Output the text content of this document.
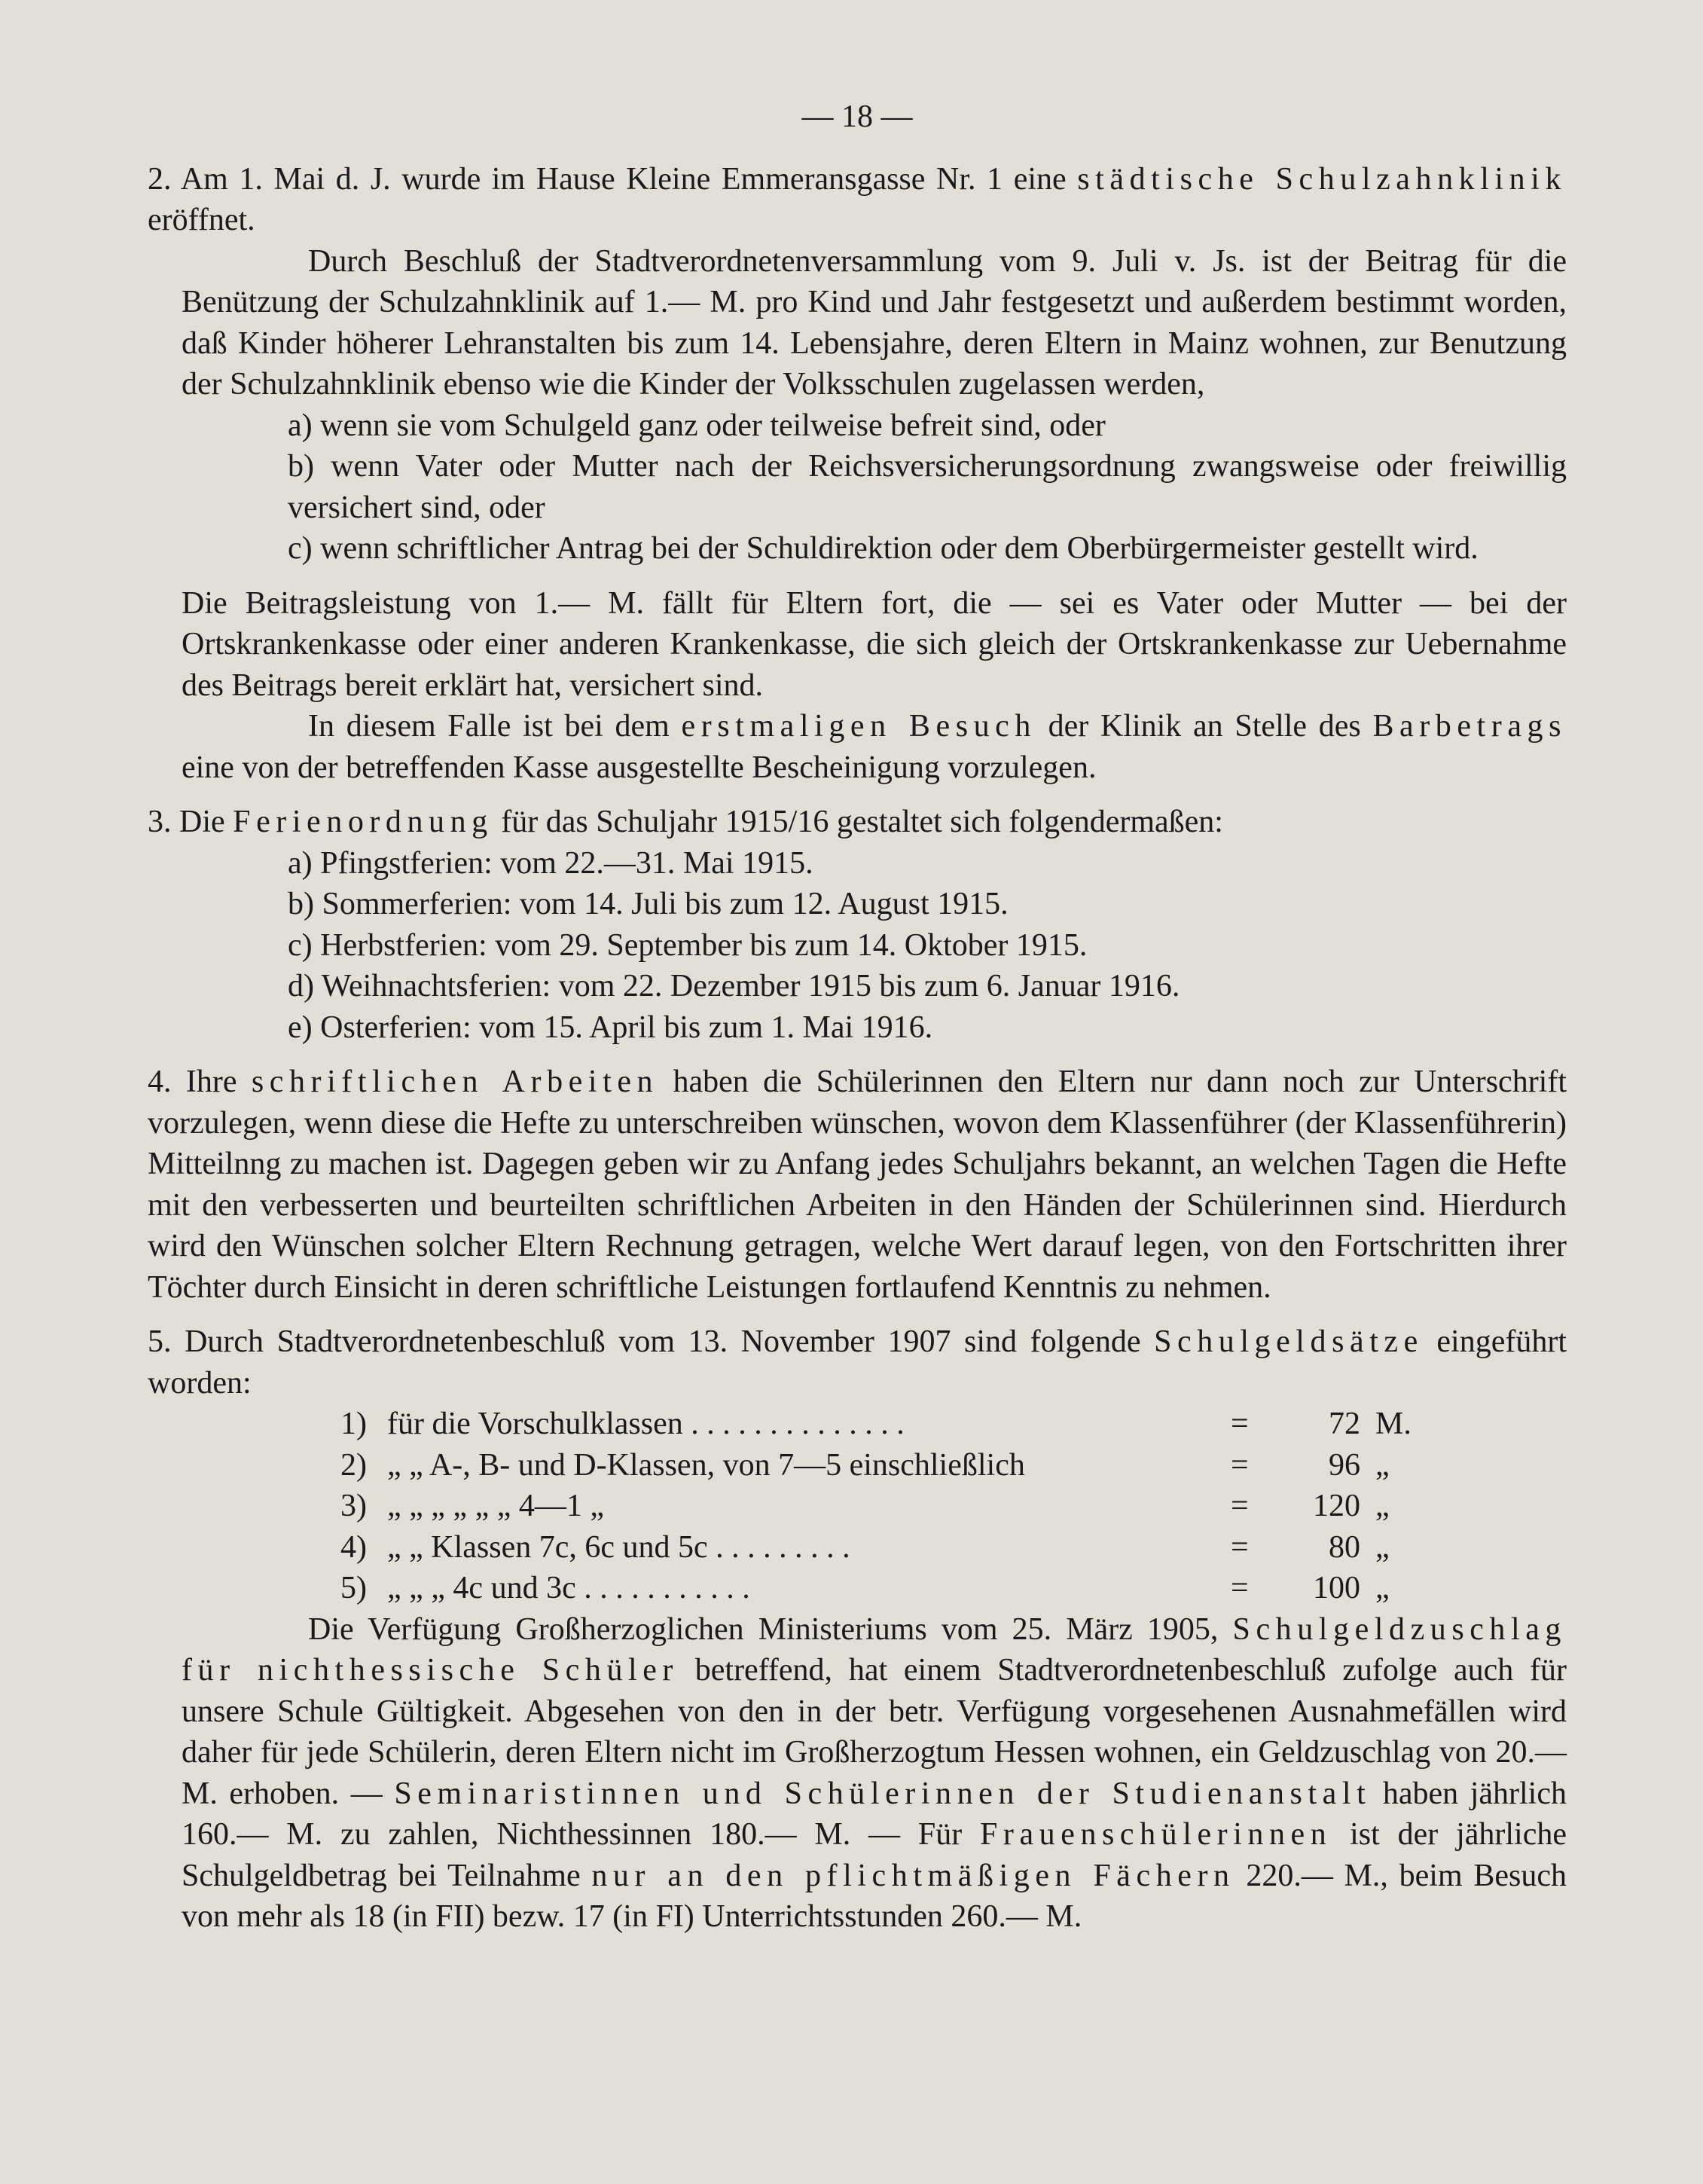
— 18 —

2. Am 1. Mai d. J. wurde im Hause Kleine Emmeransgasse Nr. 1 eine städtische Schulzahnklinik eröffnet.

Durch Beschluß der Stadtverordnetenversammlung vom 9. Juli v. Js. ist der Beitrag für die Benützung der Schulzahnklinik auf 1.— M. pro Kind und Jahr festgesetzt und außerdem bestimmt worden, daß Kinder höherer Lehranstalten bis zum 14. Lebensjahre, deren Eltern in Mainz wohnen, zur Benutzung der Schulzahnklinik ebenso wie die Kinder der Volksschulen zugelassen werden,

a) wenn sie vom Schulgeld ganz oder teilweise befreit sind, oder

b) wenn Vater oder Mutter nach der Reichsversicherungsordnung zwangsweise oder freiwillig versichert sind, oder

c) wenn schriftlicher Antrag bei der Schuldirektion oder dem Oberbürgermeister gestellt wird.

Die Beitragsleistung von 1.— M. fällt für Eltern fort, die — sei es Vater oder Mutter — bei der Ortskrankenkasse oder einer anderen Krankenkasse, die sich gleich der Ortskrankenkasse zur Uebernahme des Beitrags bereit erklärt hat, versichert sind.

In diesem Falle ist bei dem erstmaligen Besuch der Klinik an Stelle des Barbetrags eine von der betreffenden Kasse ausgestellte Bescheinigung vorzulegen.

3. Die Ferienordnung für das Schuljahr 1915/16 gestaltet sich folgendermaßen:

a) Pfingstferien: vom 22.—31. Mai 1915.

b) Sommerferien: vom 14. Juli bis zum 12. August 1915.

c) Herbstferien: vom 29. September bis zum 14. Oktober 1915.

d) Weihnachtsferien: vom 22. Dezember 1915 bis zum 6. Januar 1916.

e) Osterferien: vom 15. April bis zum 1. Mai 1916.

4. Ihre schriftlichen Arbeiten haben die Schülerinnen den Eltern nur dann noch zur Unterschrift vorzulegen, wenn diese die Hefte zu unterschreiben wünschen, wovon dem Klassenführer (der Klassenführerin) Mitteilnng zu machen ist. Dagegen geben wir zu Anfang jedes Schuljahrs bekannt, an welchen Tagen die Hefte mit den verbesserten und beurteilten schriftlichen Arbeiten in den Händen der Schülerinnen sind. Hierdurch wird den Wünschen solcher Eltern Rechnung getragen, welche Wert darauf legen, von den Fortschritten ihrer Töchter durch Einsicht in deren schriftliche Leistungen fortlaufend Kenntnis zu nehmen.

5. Durch Stadtverordnetenbeschluß vom 13. November 1907 sind folgende Schulgeldsätze eingeführt worden:

1) für die Vorschulklassen . . . . . . . . . . . . . .	=	72 M.
2) „ „ A-, B- und D-Klassen, von 7—5 einschließlich	=	96 „
3) „ „ „ „ „ „ 4—1 „	=	120 „
4) „ „ Klassen 7c, 6c und 5c . . . . . . . . .	=	80 „
5) „ „ „ 4c und 3c . . . . . . . . . . .	=	100 „

Die Verfügung Großherzoglichen Ministeriums vom 25. März 1905, Schulgeldzuschlag für nichthessische Schüler betreffend, hat einem Stadtverordnetenbeschluß zufolge auch für unsere Schule Gültigkeit. Abgesehen von den in der betr. Verfügung vorgesehenen Ausnahmefällen wird daher für jede Schülerin, deren Eltern nicht im Großherzogtum Hessen wohnen, ein Geldzuschlag von 20.— M. erhoben. — Seminaristinnen und Schülerinnen der Studienanstalt haben jährlich 160.— M. zu zahlen, Nichthessinnen 180.— M. — Für Frauenschülerinnen ist der jährliche Schulgeldbetrag bei Teilnahme nur an den pflichtmäßigen Fächern 220.— M., beim Besuch von mehr als 18 (in FII) bezw. 17 (in FI) Unterrichtsstunden 260.— M.
